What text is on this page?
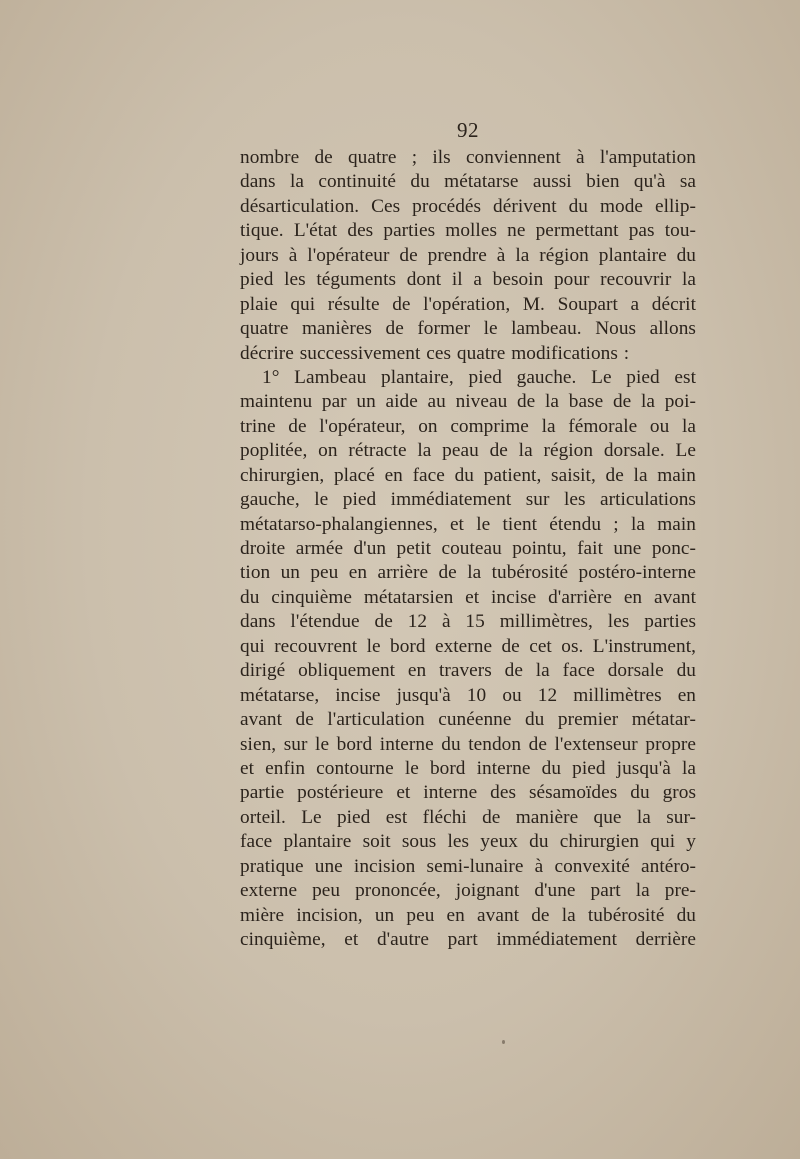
92
nombre de quatre ; ils conviennent à l'amputation
dans la continuité du métatarse aussi bien qu'à sa
désarticulation. Ces procédés dérivent du mode ellip-
tique. L'état des parties molles ne permettant pas tou-
jours à l'opérateur de prendre à la région plantaire du
pied les téguments dont il a besoin pour recouvrir la
plaie qui résulte de l'opération, M. Soupart a décrit
quatre manières de former le lambeau. Nous allons
décrire successivement ces quatre modifications :
1° Lambeau plantaire, pied gauche. Le pied est
maintenu par un aide au niveau de la base de la poi-
trine de l'opérateur, on comprime la fémorale ou la
poplitée, on rétracte la peau de la région dorsale. Le
chirurgien, placé en face du patient, saisit, de la main
gauche, le pied immédiatement sur les articulations
métatarso-phalangiennes, et le tient étendu ; la main
droite armée d'un petit couteau pointu, fait une ponc-
tion un peu en arrière de la tubérosité postéro-interne
du cinquième métatarsien et incise d'arrière en avant
dans l'étendue de 12 à 15 millimètres, les parties
qui recouvrent le bord externe de cet os. L'instrument,
dirigé obliquement en travers de la face dorsale du
métatarse, incise jusqu'à 10 ou 12 millimètres en
avant de l'articulation cunéenne du premier métatar-
sien, sur le bord interne du tendon de l'extenseur propre
et enfin contourne le bord interne du pied jusqu'à la
partie postérieure et interne des sésamoïdes du gros
orteil. Le pied est fléchi de manière que la sur-
face plantaire soit sous les yeux du chirurgien qui y
pratique une incision semi-lunaire à convexité antéro-
externe peu prononcée, joignant d'une part la pre-
mière incision, un peu en avant de la tubérosité du
cinquième, et d'autre part immédiatement derrière
